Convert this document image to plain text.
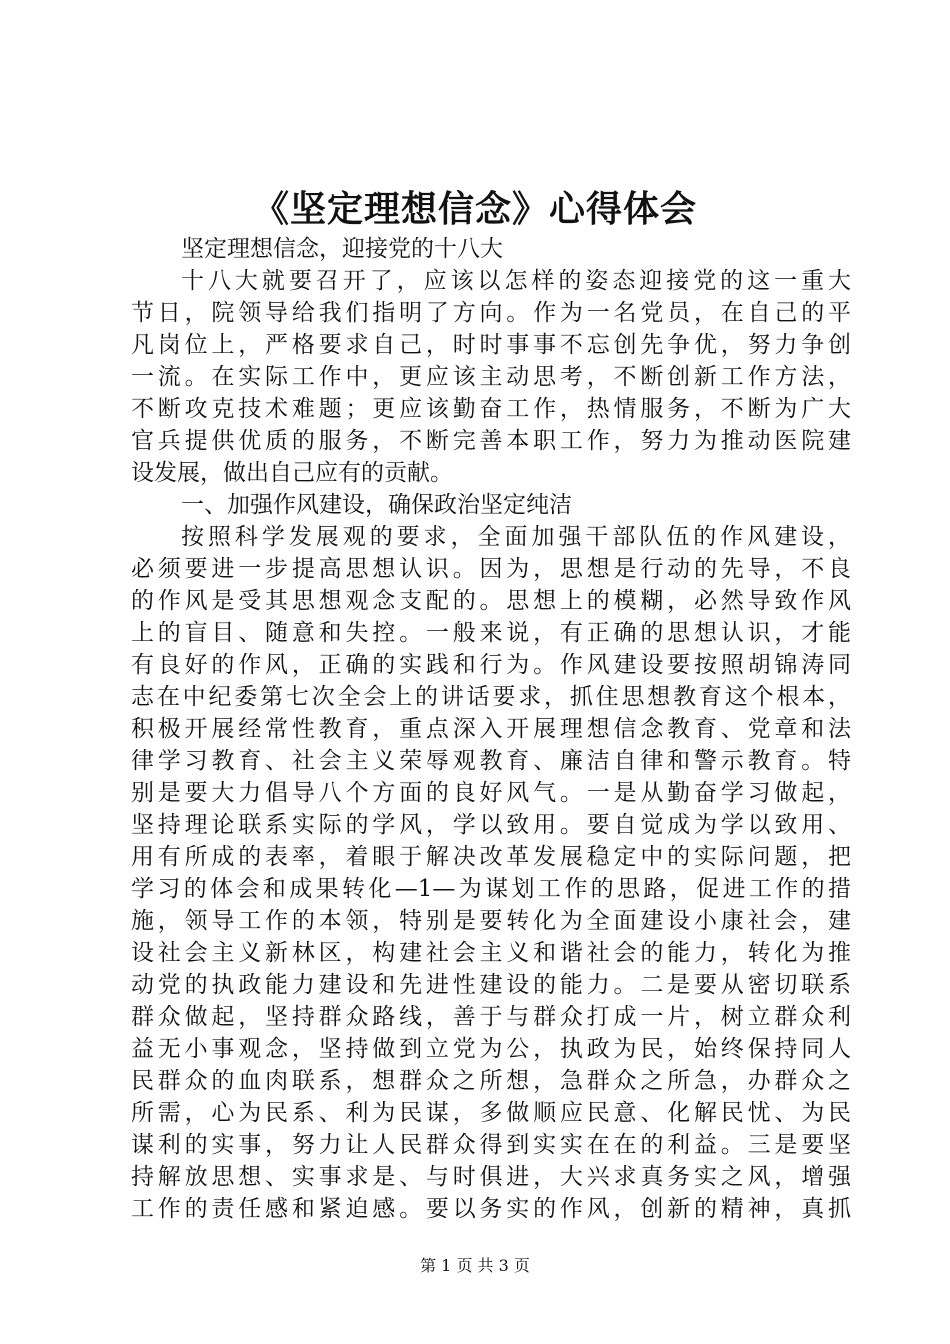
《坚定理想信念》心得体会
坚定理想信念，迎接党的十八大
十八大就要召开了，应该以怎样的姿态迎接党的这一重大
节日，院领导给我们指明了方向。作为一名党员，在自己的平
凡岗位上，严格要求自己，时时事事不忘创先争优，努力争创
一流。在实际工作中，更应该主动思考，不断创新工作方法，
不断攻克技术难题；更应该勤奋工作，热情服务，不断为广大
官兵提供优质的服务，不断完善本职工作，努力为推动医院建
设发展，做出自己应有的贡献。
一、加强作风建设，确保政治坚定纯洁
按照科学发展观的要求，全面加强干部队伍的作风建设，
必须要进一步提高思想认识。因为，思想是行动的先导，不良
的作风是受其思想观念支配的。思想上的模糊，必然导致作风
上的盲目、随意和失控。一般来说，有正确的思想认识，才能
有良好的作风，正确的实践和行为。作风建设要按照胡锦涛同
志在中纪委第七次全会上的讲话要求，抓住思想教育这个根本，
积极开展经常性教育，重点深入开展理想信念教育、党章和法
律学习教育、社会主义荣辱观教育、廉洁自律和警示教育。特
别是要大力倡导八个方面的良好风气。一是从勤奋学习做起，
坚持理论联系实际的学风，学以致用。要自觉成为学以致用、
用有所成的表率，着眼于解决改革发展稳定中的实际问题，把
学习的体会和成果转化—1—为谋划工作的思路，促进工作的措
施，领导工作的本领，特别是要转化为全面建设小康社会，建
设社会主义新林区，构建社会主义和谐社会的能力，转化为推
动党的执政能力建设和先进性建设的能力。二是要从密切联系
群众做起，坚持群众路线，善于与群众打成一片，树立群众利
益无小事观念，坚持做到立党为公，执政为民，始终保持同人
民群众的血肉联系，想群众之所想，急群众之所急，办群众之
所需，心为民系、利为民谋，多做顺应民意、化解民忧、为民
谋利的实事，努力让人民群众得到实实在在的利益。三是要坚
持解放思想、实事求是、与时俱进，大兴求真务实之风，增强
工作的责任感和紧迫感。要以务实的作风，创新的精神，真抓
第 1 页 共 3 页
